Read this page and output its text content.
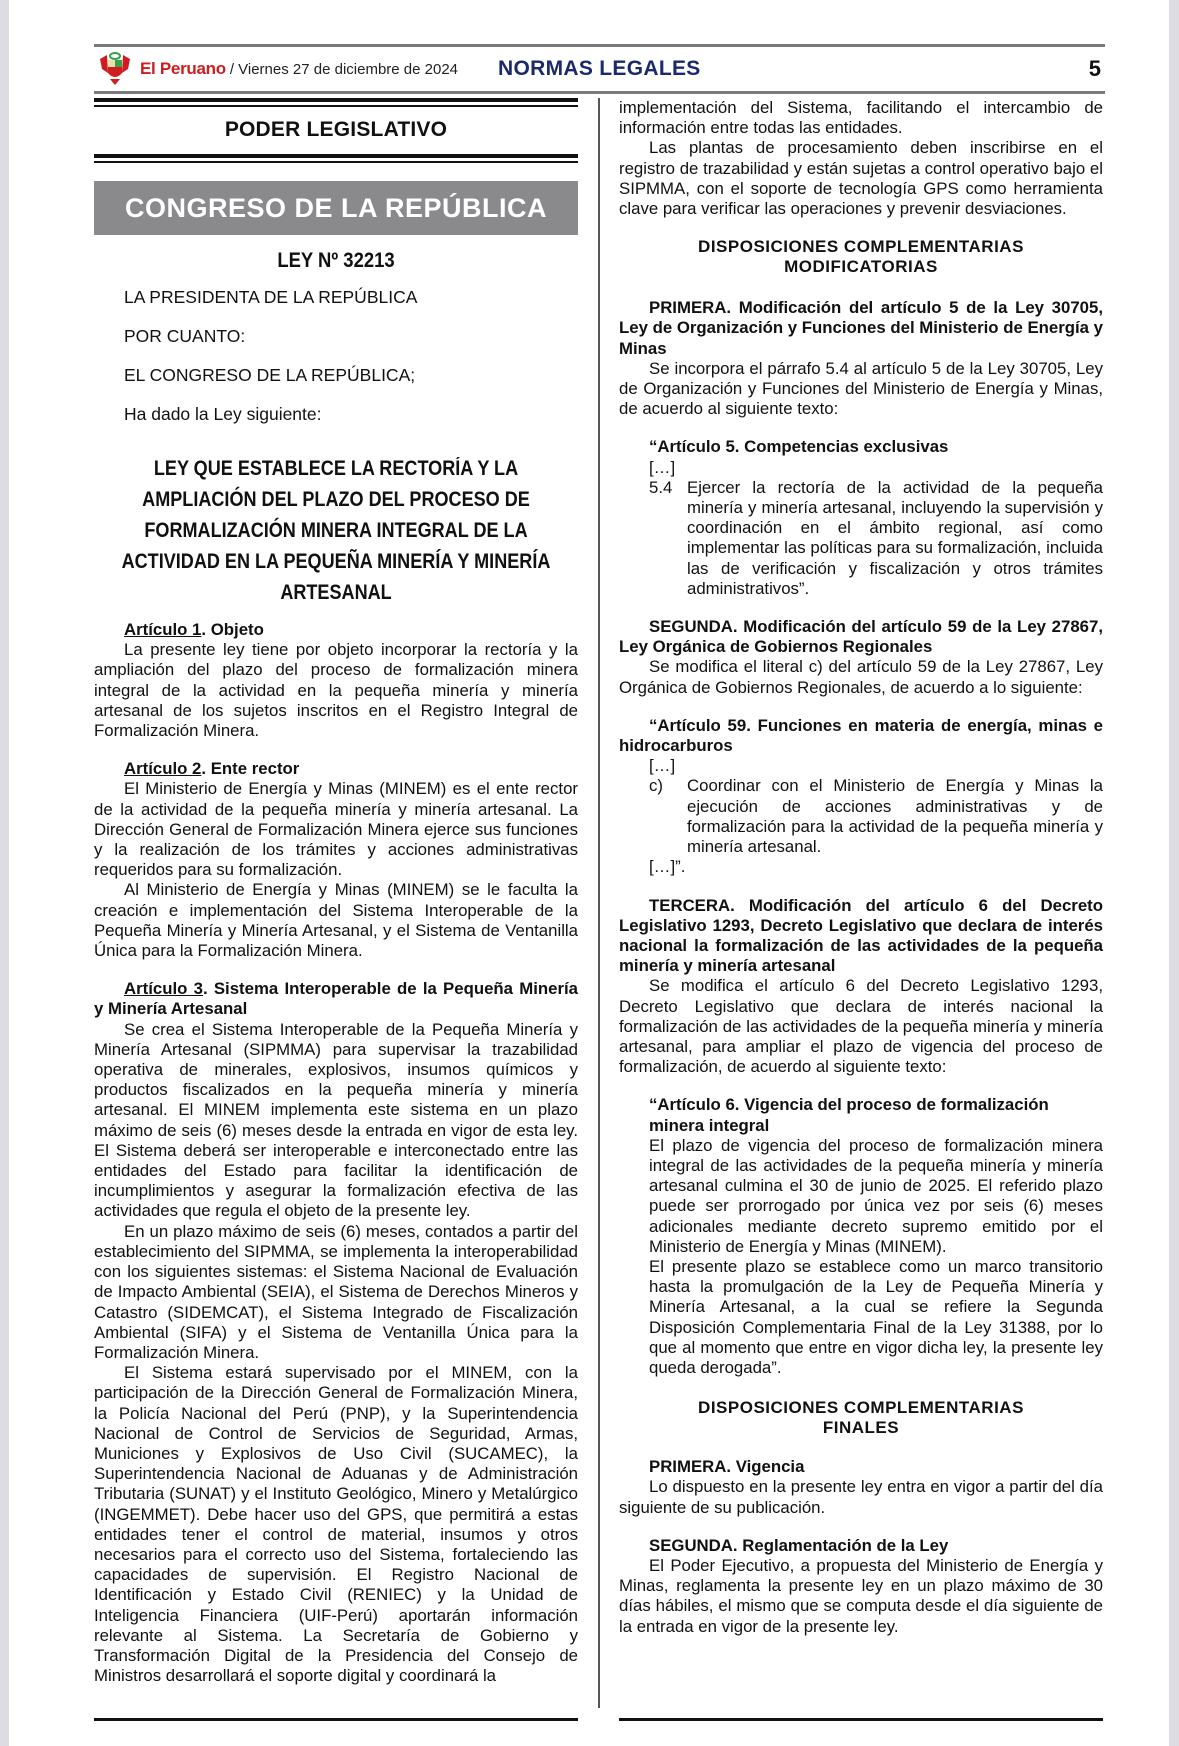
El Peruano / Viernes 27 de diciembre de 2024 NORMAS LEGALES	5
PODER LEGISLATIVO
CONGRESO DE LA REPÚBLICA
LEY Nº 32213
LA PRESIDENTA DE LA REPÚBLICA
POR CUANTO:
EL CONGRESO DE LA REPÚBLICA;
Ha dado la Ley siguiente:
LEY QUE ESTABLECE LA RECTORÍA Y LA AMPLIACIÓN DEL PLAZO DEL PROCESO DE FORMALIZACIÓN MINERA INTEGRAL DE LA ACTIVIDAD EN LA PEQUEÑA MINERÍA Y MINERÍA ARTESANAL
Artículo 1. Objeto

La presente ley tiene por objeto incorporar la rectoría y la ampliación del plazo del proceso de formalización minera integral de la actividad en la pequeña minería y minería artesanal de los sujetos inscritos en el Registro Integral de Formalización Minera.

Artículo 2. Ente rector

El Ministerio de Energía y Minas (MINEM) es el ente rector de la actividad de la pequeña minería y minería artesanal. La Dirección General de Formalización Minera ejerce sus funciones y la realización de los trámites y acciones administrativas requeridos para su formalización.

Al Ministerio de Energía y Minas (MINEM) se le faculta la creación e implementación del Sistema Interoperable de la Pequeña Minería y Minería Artesanal, y el Sistema de Ventanilla Única para la Formalización Minera.

Artículo 3. Sistema Interoperable de la Pequeña Minería y Minería Artesanal

Se crea el Sistema Interoperable de la Pequeña Minería y Minería Artesanal (SIPMMA) para supervisar la trazabilidad operativa de minerales, explosivos, insumos químicos y productos fiscalizados en la pequeña minería y minería artesanal. El MINEM implementa este sistema en un plazo máximo de seis (6) meses desde la entrada en vigor de esta ley. El Sistema deberá ser interoperable e interconectado entre las entidades del Estado para facilitar la identificación de incumplimientos y asegurar la formalización efectiva de las actividades que regula el objeto de la presente ley.

En un plazo máximo de seis (6) meses, contados a partir del establecimiento del SIPMMA, se implementa la interoperabilidad con los siguientes sistemas: el Sistema Nacional de Evaluación de Impacto Ambiental (SEIA), el Sistema de Derechos Mineros y Catastro (SIDEMCAT), el Sistema Integrado de Fiscalización Ambiental (SIFA) y el Sistema de Ventanilla Única para la Formalización Minera.

El Sistema estará supervisado por el MINEM, con la participación de la Dirección General de Formalización Minera, la Policía Nacional del Perú (PNP), y la Superintendencia Nacional de Control de Servicios de Seguridad, Armas, Municiones y Explosivos de Uso Civil (SUCAMEC), la Superintendencia Nacional de Aduanas y de Administración Tributaria (SUNAT) y el Instituto Geológico, Minero y Metalúrgico (INGEMMET). Debe hacer uso del GPS, que permitirá a estas entidades tener el control de material, insumos y otros necesarios para el correcto uso del Sistema, fortaleciendo las capacidades de supervisión. El Registro Nacional de Identificación y Estado Civil (RENIEC) y la Unidad de Inteligencia Financiera (UIF-Perú) aportarán información relevante al Sistema. La Secretaría de Gobierno y Transformación Digital de la Presidencia del Consejo de Ministros desarrollará el soporte digital y coordinará la

implementación del Sistema, facilitando el intercambio de información entre todas las entidades.

Las plantas de procesamiento deben inscribirse en el registro de trazabilidad y están sujetas a control operativo bajo el SIPMMA, con el soporte de tecnología GPS como herramienta clave para verificar las operaciones y prevenir desviaciones.

DISPOSICIONES COMPLEMENTARIAS
MODIFICATORIAS
PRIMERA. Modificación del artículo 5 de la Ley 30705, Ley de Organización y Funciones del Ministerio de Energía y Minas

Se incorpora el párrafo 5.4 al artículo 5 de la Ley 30705, Ley de Organización y Funciones del Ministerio de Energía y Minas, de acuerdo al siguiente texto:

“Artículo 5. Competencias exclusivas
[…]
5.4 Ejercer la rectoría de la actividad de la pequeña minería y minería artesanal, incluyendo la supervisión y coordinación en el ámbito regional, así como implementar las políticas para su formalización, incluida las de verificación y fiscalización y otros trámites administrativos”.
SEGUNDA. Modificación del artículo 59 de la Ley 27867, Ley Orgánica de Gobiernos Regionales

Se modifica el literal c) del artículo 59 de la Ley 27867, Ley Orgánica de Gobiernos Regionales, de acuerdo a lo siguiente:

“Artículo 59. Funciones en materia de energía, minas e hidrocarburos
[…]
c)	Coordinar con el Ministerio de Energía y Minas la ejecución de acciones administrativas y de formalización para la actividad de la pequeña minería y minería artesanal.
[…]”.
TERCERA. Modificación del artículo 6 del Decreto Legislativo 1293, Decreto Legislativo que declara de interés nacional la formalización de las actividades de la pequeña minería y minería artesanal

Se modifica el artículo 6 del Decreto Legislativo 1293, Decreto Legislativo que declara de interés nacional la formalización de las actividades de la pequeña minería y minería artesanal, para ampliar el plazo de vigencia del proceso de formalización, de acuerdo al siguiente texto:

“Artículo 6. Vigencia del proceso de formalización minera integral

El plazo de vigencia del proceso de formalización minera integral de las actividades de la pequeña minería y minería artesanal culmina el 30 de junio de 2025. El referido plazo puede ser prorrogado por única vez por seis (6) meses adicionales mediante decreto supremo emitido por el Ministerio de Energía y Minas (MINEM).

El presente plazo se establece como un marco transitorio hasta la promulgación de la Ley de Pequeña Minería y Minería Artesanal, a la cual se refiere la Segunda Disposición Complementaria Final de la Ley 31388, por lo que al momento que entre en vigor dicha ley, la presente ley queda derogada”.

DISPOSICIONES COMPLEMENTARIAS
FINALES
PRIMERA. Vigencia

Lo dispuesto en la presente ley entra en vigor a partir del día siguiente de su publicación.

SEGUNDA. Reglamentación de la Ley

El Poder Ejecutivo, a propuesta del Ministerio de Energía y Minas, reglamenta la presente ley en un plazo máximo de 30 días hábiles, el mismo que se computa desde el día siguiente de la entrada en vigor de la presente ley.
